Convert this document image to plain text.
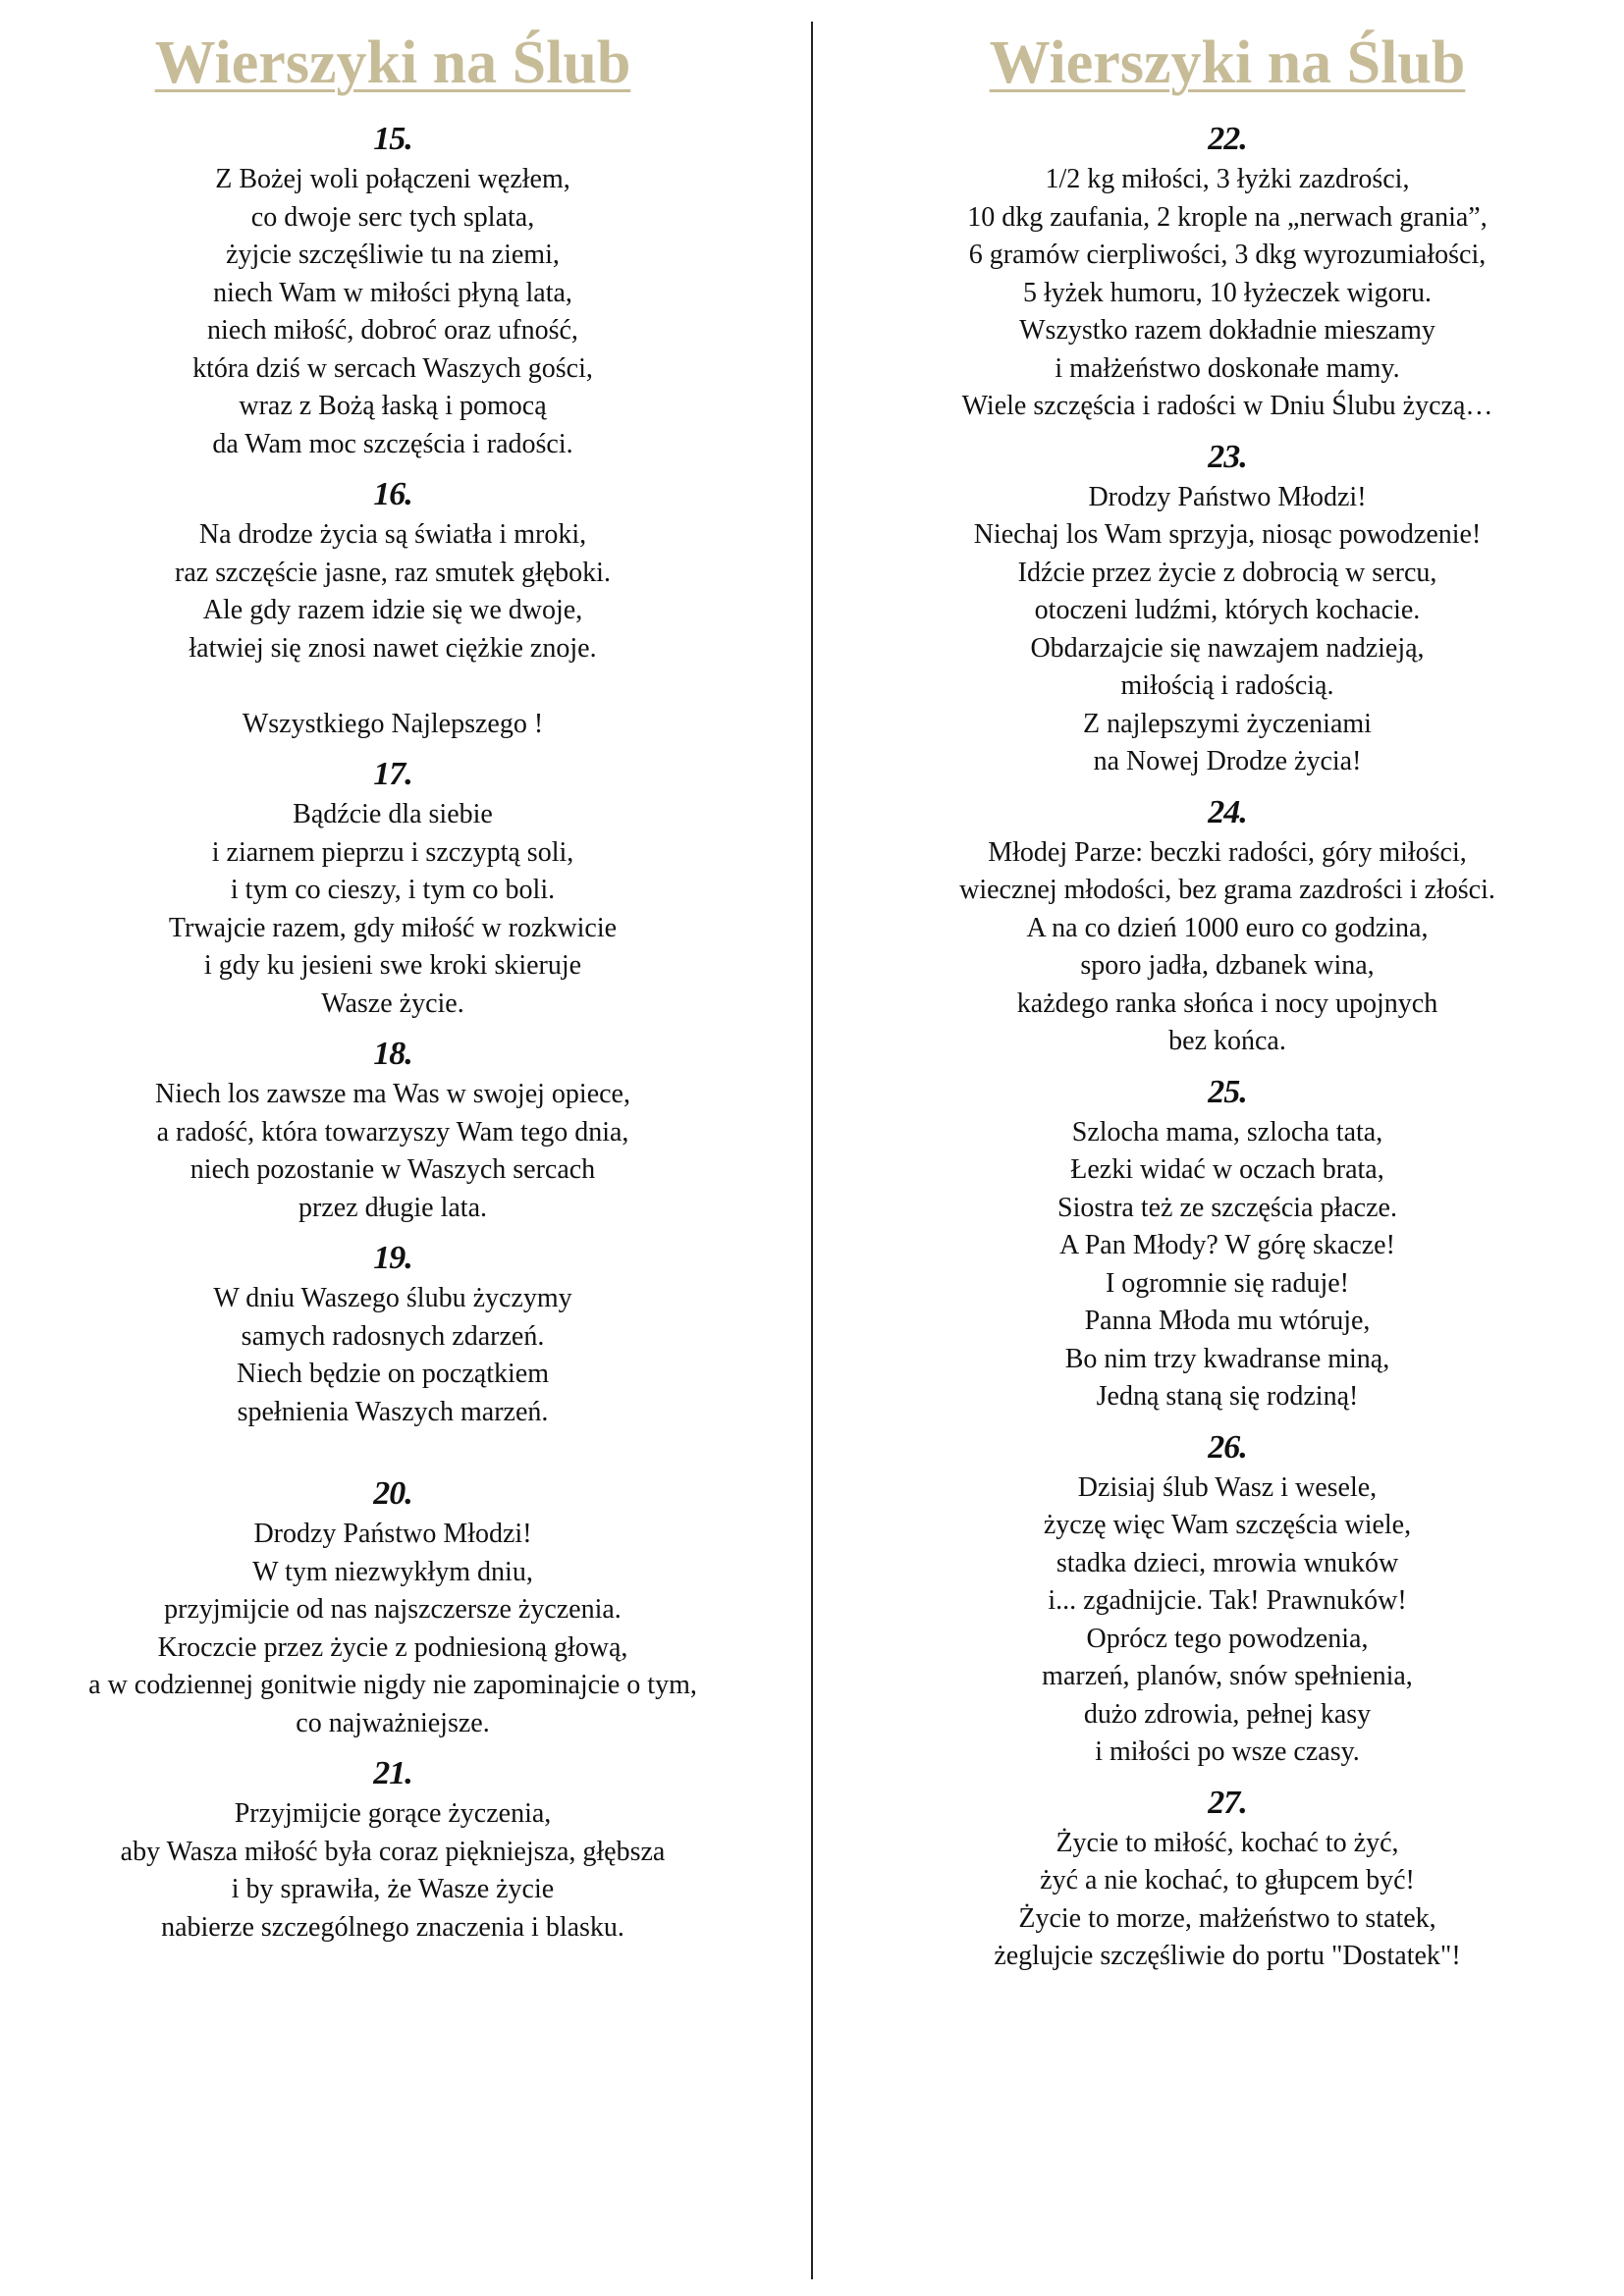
Wierszyki na Ślub
15.
Z Bożej woli połączeni węzłem,
co dwoje serc tych splata,
żyjcie szczęśliwie tu na ziemi,
niech Wam w miłości płyną lata,
niech miłość, dobroć oraz ufność,
która dziś w sercach Waszych gości,
wraz z Bożą łaską i pomocą
da Wam moc szczęścia i radości.
16.
Na drodze życia są światła i mroki,
raz szczęście jasne, raz smutek głęboki.
Ale gdy razem idzie się we dwoje,
łatwiej się znosi nawet ciężkie znoje.
Wszystkiego Najlepszego !
17.
Bądźcie dla siebie
i ziarnem pieprzu i szczyptą soli,
i tym co cieszy, i tym co boli.
Trwajcie razem, gdy miłość w rozkwicie
i gdy ku jesieni swe kroki skieruje
Wasze życie.
18.
Niech los zawsze ma Was w swojej opiece,
a radość, która towarzyszy Wam tego dnia,
niech pozostanie w Waszych sercach
przez długie lata.
19.
W dniu Waszego ślubu życzymy
samych radosnych zdarzeń.
Niech będzie on początkiem
spełnienia Waszych marzeń.
20.
Drodzy Państwo Młodzi!
W tym niezwykłym dniu,
przyjmijcie od nas najszczersze życzenia.
Kroczcie przez życie z podniesioną głową,
a w codziennej gonitwie nigdy nie zapominajcie o tym,
co najważniejsze.
21.
Przyjmijcie gorące życzenia,
aby Wasza miłość była coraz piękniejsza, głębsza
i by sprawiła, że Wasze życie
nabierze szczególnego znaczenia i blasku.
Wierszyki na Ślub
22.
1/2 kg miłości, 3 łyżki zazdrości,
10 dkg zaufania, 2 krople na „nerwach grania”,
6 gramów cierpliwości, 3 dkg wyrozumiałości,
5 łyżek humoru, 10 łyżeczek wigoru.
Wszystko razem dokładnie mieszamy
i małżeństwo doskonałe mamy.
Wiele szczęścia i radości w Dniu Ślubu życzą…
23.
Drodzy Państwo Młodzi!
Niechaj los Wam sprzyja, niosąc powodzenie!
Idźcie przez życie z dobrocią w sercu,
otoczeni ludźmi, których kochacie.
Obdarzajcie się nawzajem nadzieją,
miłością i radością.
Z najlepszymi życzeniami
na Nowej Drodze życia!
24.
Młodej Parze: beczki radości, góry miłości,
wiecznej młodości, bez grama zazdrości i złości.
A na co dzień 1000 euro co godzina,
sporo jadła, dzbanek wina,
każdego ranka słońca i nocy upojnych
bez końca.
25.
Szlocha mama, szlocha tata,
Łezki widać w oczach brata,
Siostra też ze szczęścia płacze.
A Pan Młody? W górę skacze!
I ogromnie się raduje!
Panna Młoda mu wtóruje,
Bo nim trzy kwadranse miną,
Jedną staną się rodziną!
26.
Dzisiaj ślub Wasz i wesele,
życzę więc Wam szczęścia wiele,
stadka dzieci, mrowia wnuków
i... zgadnijcie. Tak! Prawnuków!
Oprócz tego powodzenia,
marzeń, planów, snów spełnienia,
dużo zdrowia, pełnej kasy
i miłości po wsze czasy.
27.
Życie to miłość, kochać to żyć,
żyć a nie kochać, to głupcem być!
Życie to morze, małżeństwo to statek,
żeglujcie szczęśliwie do portu "Dostatek"!
